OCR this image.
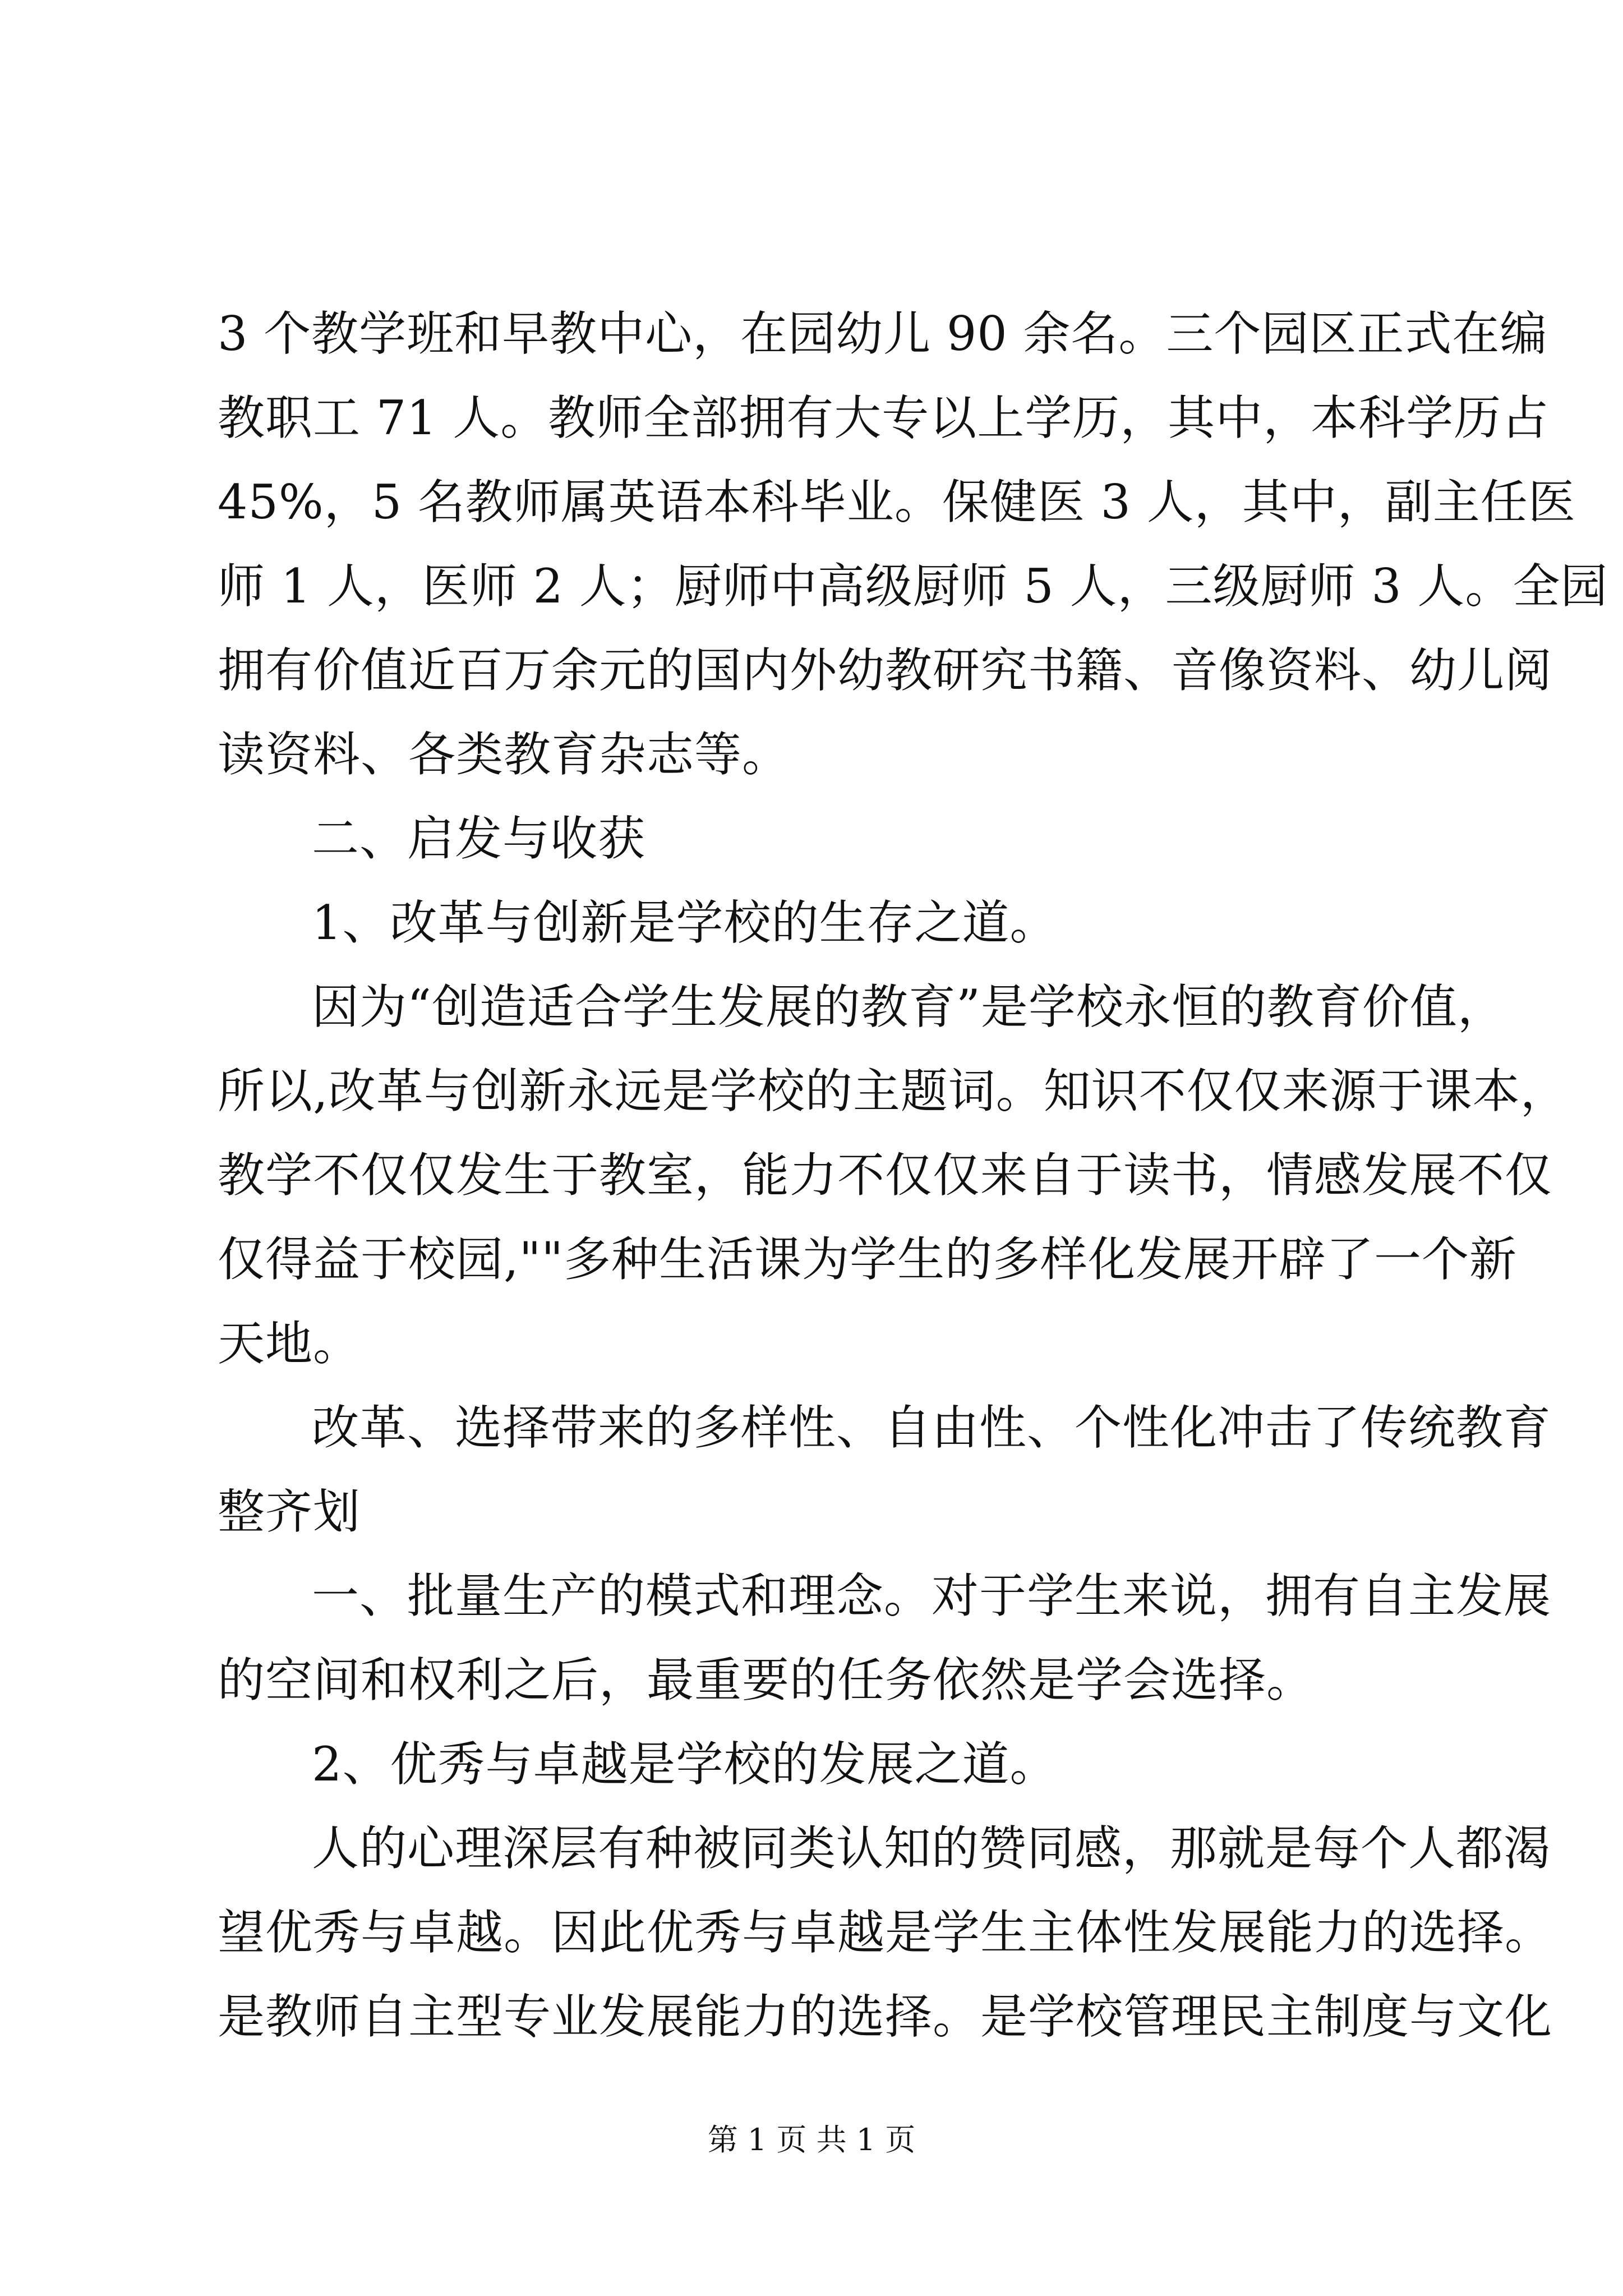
3 个教学班和早教中心，在园幼儿 90 余名。三个园区正式在编
教职工 71 人。教师全部拥有大专以上学历，其中，本科学历占
45%，5 名教师属英语本科毕业。保健医 3 人，其中，副主任医
师 1 人，医师 2 人；厨师中高级厨师 5 人，三级厨师 3 人。全园
拥有价值近百万余元的国内外幼教研究书籍、音像资料、幼儿阅
读资料、各类教育杂志等。
二、启发与收获
1、改革与创新是学校的生存之道。
因为“创造适合学生发展的教育”是学校永恒的教育价值，
所以,改革与创新永远是学校的主题词。知识不仅仅来源于课本，
教学不仅仅发生于教室，能力不仅仅来自于读书，情感发展不仅
仅得益于校园,""多种生活课为学生的多样化发展开辟了一个新
天地。
改革、选择带来的多样性、自由性、个性化冲击了传统教育
整齐划
一、批量生产的模式和理念。对于学生来说，拥有自主发展
的空间和权利之后，最重要的任务依然是学会选择。
2、优秀与卓越是学校的发展之道。
人的心理深层有种被同类认知的赞同感，那就是每个人都渴
望优秀与卓越。因此优秀与卓越是学生主体性发展能力的选择。
是教师自主型专业发展能力的选择。是学校管理民主制度与文化
第 1 页 共 1 页
